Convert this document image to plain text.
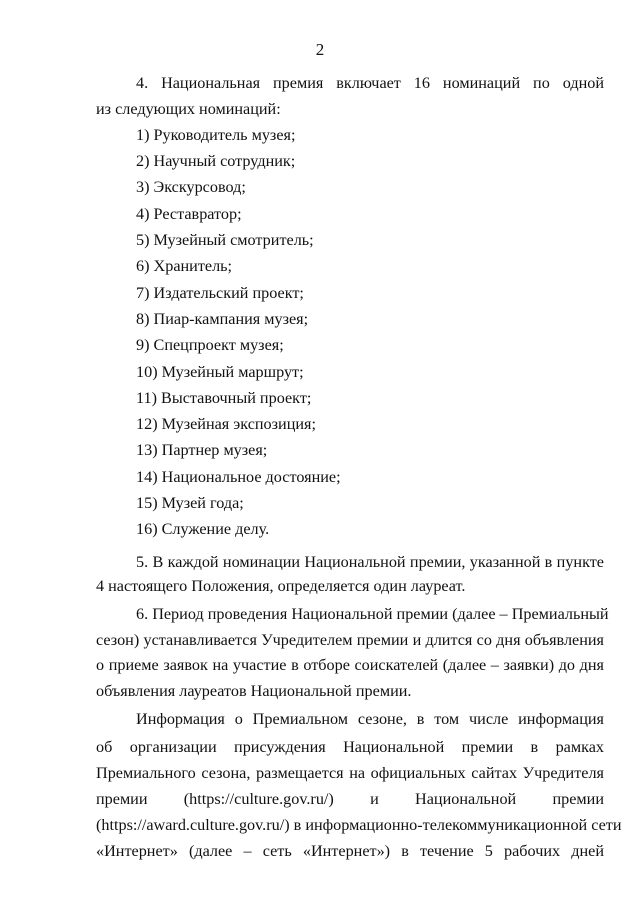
2
4. Национальная премия включает 16 номинаций по одной
из следующих номинаций:
1) Руководитель музея;
2) Научный сотрудник;
3) Экскурсовод;
4) Реставратор;
5) Музейный смотритель;
6) Хранитель;
7) Издательский проект;
8) Пиар-кампания музея;
9) Спецпроект музея;
10) Музейный маршрут;
11) Выставочный проект;
12) Музейная экспозиция;
13) Партнер музея;
14) Национальное достояние;
15) Музей года;
16) Служение делу.
5. В каждой номинации Национальной премии, указанной в пункте
4 настоящего Положения, определяется один лауреат.
6. Период проведения Национальной премии (далее – Премиальный
сезон) устанавливается Учредителем премии и длится со дня объявления
о приеме заявок на участие в отборе соискателей (далее – заявки) до дня
объявления лауреатов Национальной премии.
Информация о Премиальном сезоне, в том числе информация
об организации присуждения Национальной премии в рамках
Премиального сезона, размещается на официальных сайтах Учредителя
премии (https://culture.gov.ru/) и Национальной премии
(https://award.culture.gov.ru/) в информационно-телекоммуникационной сети
«Интернет» (далее – сеть «Интернет») в течение 5 рабочих дней
